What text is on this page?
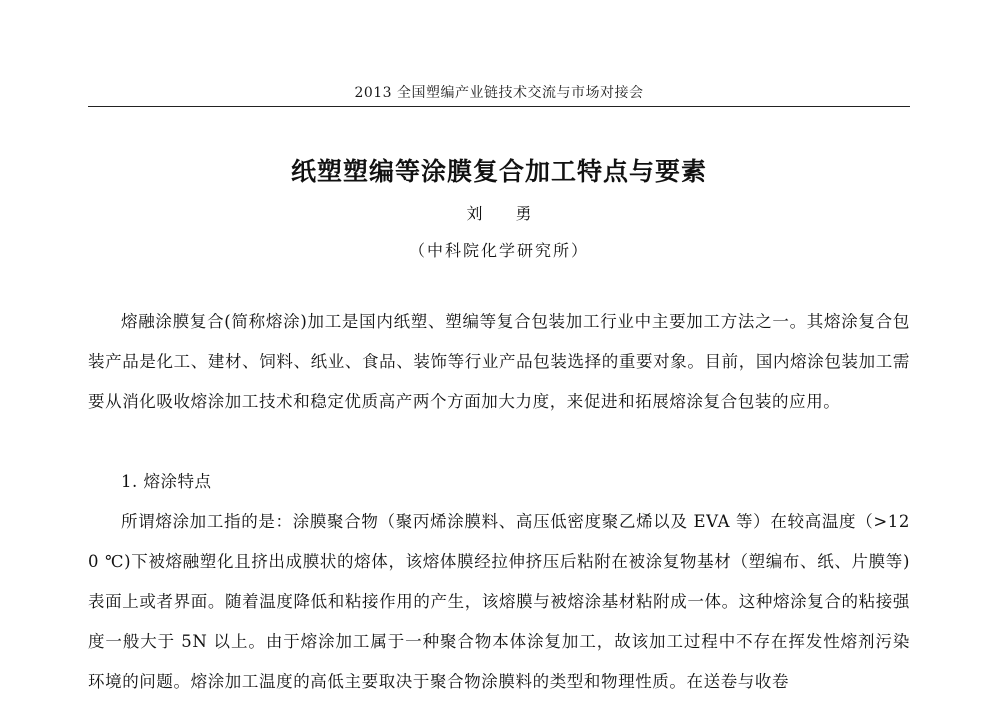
2013 全国塑编产业链技术交流与市场对接会
纸塑塑编等涂膜复合加工特点与要素
刘 勇
（中科院化学研究所）

熔融涂膜复合(简称熔涂)加工是国内纸塑、塑编等复合包装加工行业中主要加工方法之一。其熔涂复合包装产品是化工、建材、饲料、纸业、食品、装饰等行业产品包装选择的重要对象。目前，国内熔涂包装加工需要从消化吸收熔涂加工技术和稳定优质高产两个方面加大力度，来促进和拓展熔涂复合包装的应用。

1. 熔涂特点

所谓熔涂加工指的是：涂膜聚合物（聚丙烯涂膜料、高压低密度聚乙烯以及 EVA 等）在较高温度（>120 ℃)下被熔融塑化且挤出成膜状的熔体，该熔体膜经拉伸挤压后粘附在被涂复物基材（塑编布、纸、片膜等)表面上或者界面。随着温度降低和粘接作用的产生，该熔膜与被熔涂基材粘附成一体。这种熔涂复合的粘接强度一般大于 5N 以上。由于熔涂加工属于一种聚合物本体涂复加工，故该加工过程中不存在挥发性熔剂污染环境的问题。熔涂加工温度的高低主要取决于聚合物涂膜料的类型和物理性质。在送卷与收卷
